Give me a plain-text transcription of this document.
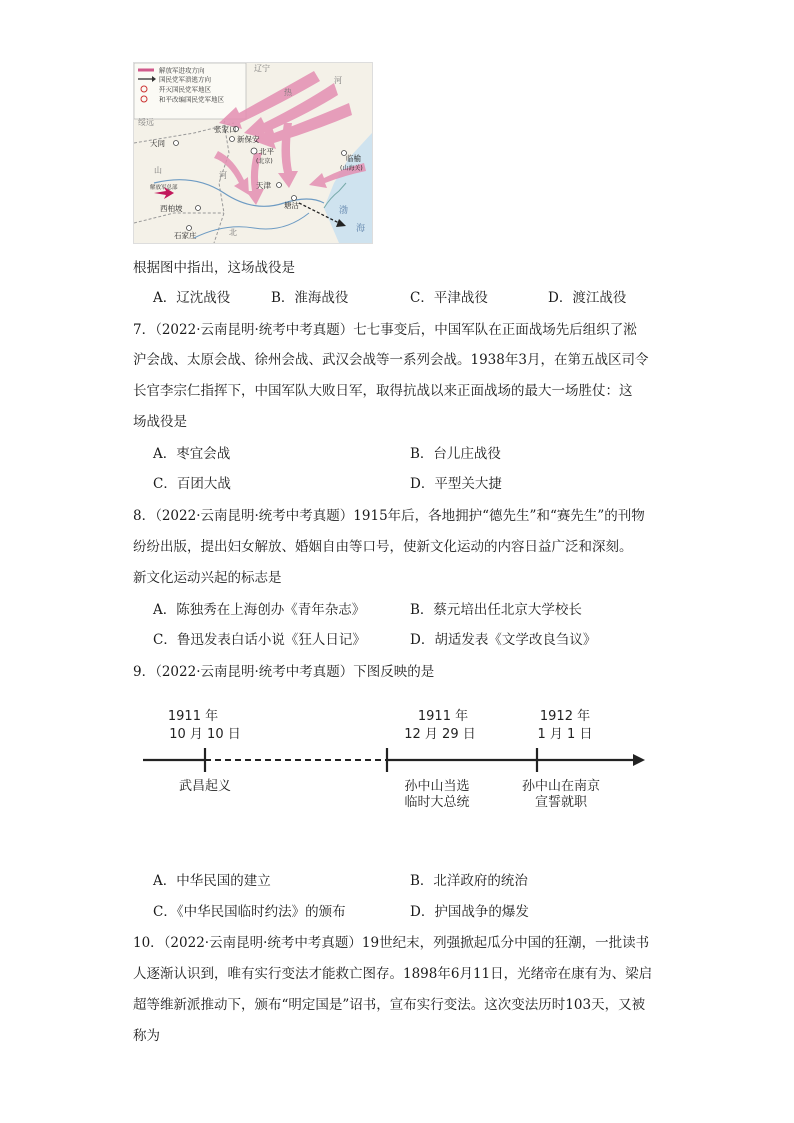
解放军进攻方向
国民党军溃逃方向
歼灭国民党军地区
和平改编国民党军地区
张家口
新保安
北平
(北京)
大同
天津
塘沽
临榆
(山海关)
西柏坡
石家庄
解放军总部
渤
海
辽宁
热
河
绥远
山
河
北
根据图中指出，这场战役是
A．辽沈战役	B．淮海战役	C．平津战役	D．渡江战役
7．（2022·云南昆明·统考中考真题）七七事变后，中国军队在正面战场先后组织了淞
沪会战、太原会战、徐州会战、武汉会战等一系列会战。1938年3月，在第五战区司令
长官李宗仁指挥下，中国军队大败日军，取得抗战以来正面战场的最大一场胜仗：这
场战役是
A．枣宜会战	B．台儿庄战役
C．百团大战	D．平型关大捷
8．（2022·云南昆明·统考中考真题）1915年后，各地拥护“德先生”和“赛先生”的刊物
纷纷出版，提出妇女解放、婚姻自由等口号，使新文化运动的内容日益广泛和深刻。
新文化运动兴起的标志是
A．陈独秀在上海创办《青年杂志》	B．蔡元培出任北京大学校长
C．鲁迅发表白话小说《狂人日记》	D．胡适发表《文学改良刍议》
9．（2022·云南昆明·统考中考真题）下图反映的是
1911 年
10 月 10 日
武昌起义
1911 年
12 月 29 日
孙中山当选
临时大总统
1912 年
1 月 1 日
孙中山在南京
宣誓就职
A．中华民国的建立	B．北洋政府的统治
C．《中华民国临时约法》的颁布	D．护国战争的爆发
10．（2022·云南昆明·统考中考真题）19世纪末，列强掀起瓜分中国的狂潮，一批读书
人逐渐认识到，唯有实行变法才能救亡图存。1898年6月11日，光绪帝在康有为、梁启
超等维新派推动下，颁布“明定国是”诏书，宣布实行变法。这次变法历时103天，又被
称为
